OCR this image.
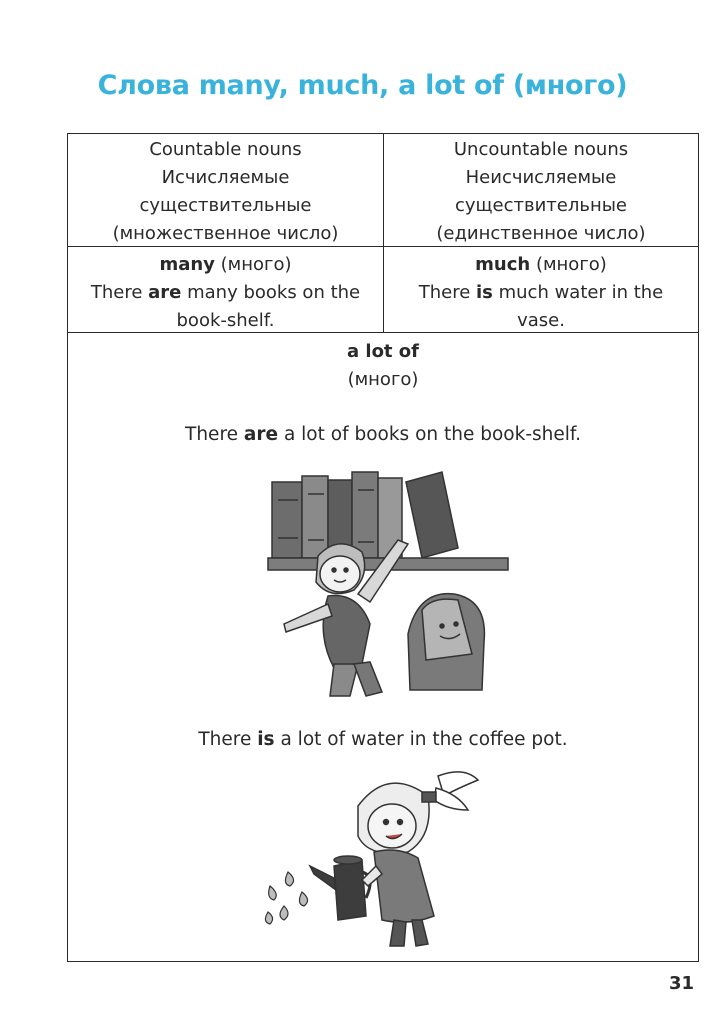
Слова many, much, a lot of (много)
Countable nouns
Исчисляемые
существительные
(множественное число)
Uncountable nouns
Неисчисляемые
существительные
(единственное число)
many (много)
There are many books on the
book-shelf.
much (много)
There is much water in the
vase.
a lot of
(много)
There are a lot of books on the book-shelf.
There is a lot of water in the coffee pot.
31
